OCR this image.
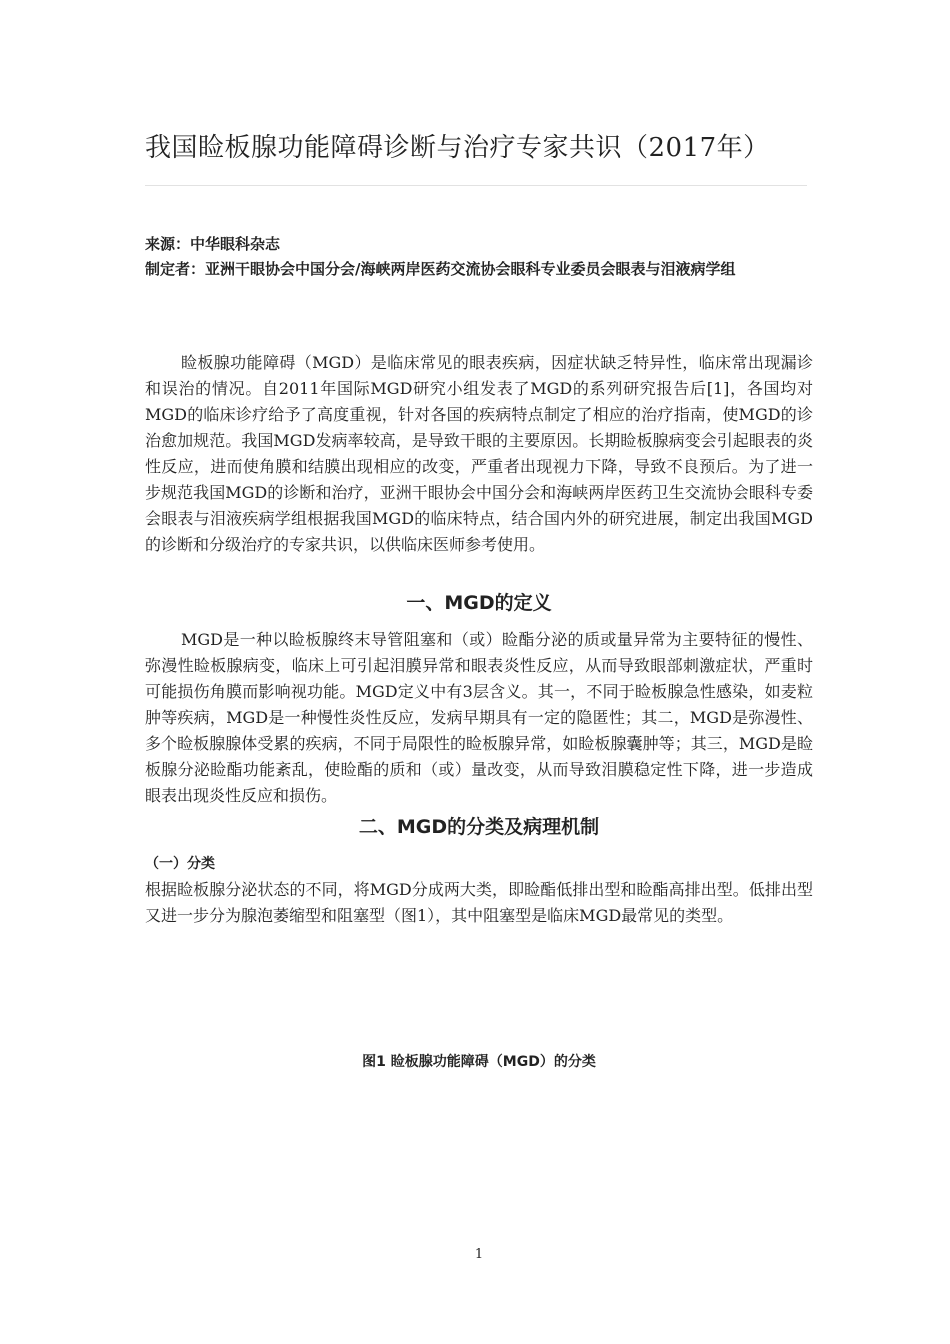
我国睑板腺功能障碍诊断与治疗专家共识（2017年）

来源：中华眼科杂志

制定者：亚洲干眼协会中国分会/海峡两岸医药交流协会眼科专业委员会眼表与泪液病学组

睑板腺功能障碍（MGD）是临床常见的眼表疾病，因症状缺乏特异性，临床常出现漏诊和误治的情况。自2011年国际MGD研究小组发表了MGD的系列研究报告后[1]，各国均对MGD的临床诊疗给予了高度重视，针对各国的疾病特点制定了相应的治疗指南，使MGD的诊治愈加规范。我国MGD发病率较高，是导致干眼的主要原因。长期睑板腺病变会引起眼表的炎性反应，进而使角膜和结膜出现相应的改变，严重者出现视力下降，导致不良预后。为了进一步规范我国MGD的诊断和治疗，亚洲干眼协会中国分会和海峡两岸医药卫生交流协会眼科专委会眼表与泪液疾病学组根据我国MGD的临床特点，结合国内外的研究进展，制定出我国MGD的诊断和分级治疗的专家共识，以供临床医师参考使用。

一、MGD的定义

MGD是一种以睑板腺终末导管阻塞和（或）睑酯分泌的质或量异常为主要特征的慢性、弥漫性睑板腺病变，临床上可引起泪膜异常和眼表炎性反应，从而导致眼部刺激症状，严重时可能损伤角膜而影响视功能。MGD定义中有3层含义。其一，不同于睑板腺急性感染，如麦粒肿等疾病，MGD是一种慢性炎性反应，发病早期具有一定的隐匿性；其二，MGD是弥漫性、多个睑板腺腺体受累的疾病，不同于局限性的睑板腺异常，如睑板腺囊肿等；其三，MGD是睑板腺分泌睑酯功能紊乱，使睑酯的质和（或）量改变，从而导致泪膜稳定性下降，进一步造成眼表出现炎性反应和损伤。

二、MGD的分类及病理机制
（一）分类

根据睑板腺分泌状态的不同，将MGD分成两大类，即睑酯低排出型和睑酯高排出型。低排出型又进一步分为腺泡萎缩型和阻塞型（图1），其中阻塞型是临床MGD最常见的类型。

图1 睑板腺功能障碍（MGD）的分类

1
